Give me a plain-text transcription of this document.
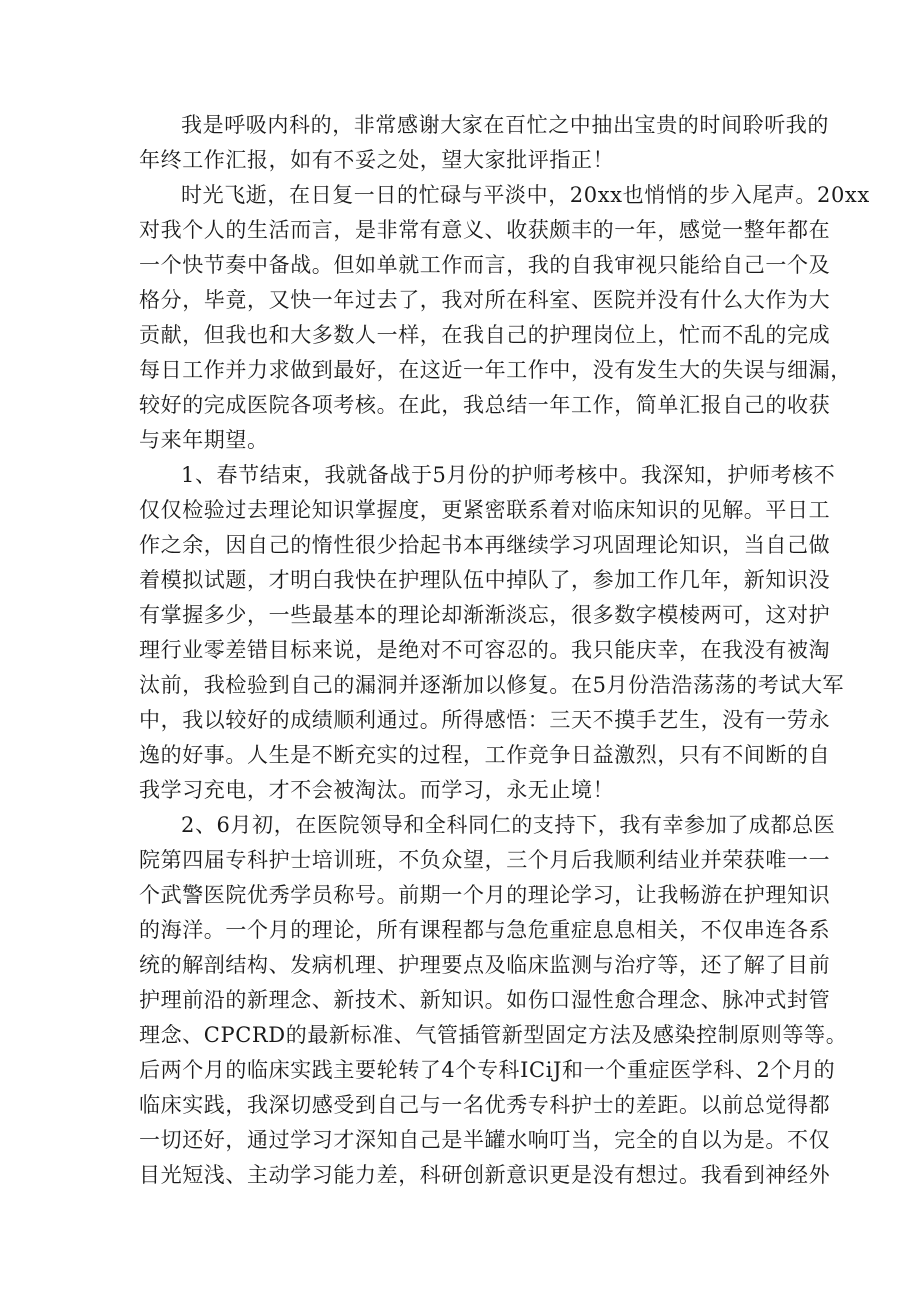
我是呼吸内科的，非常感谢大家在百忙之中抽出宝贵的时间聆听我的
年终工作汇报，如有不妥之处，望大家批评指正！

时光飞逝，在日复一日的忙碌与平淡中，20xx也悄悄的步入尾声。20xx
对我个人的生活而言，是非常有意义、收获颇丰的一年，感觉一整年都在
一个快节奏中备战。但如单就工作而言，我的自我审视只能给自己一个及
格分，毕竟，又快一年过去了，我对所在科室、医院并没有什么大作为大
贡献，但我也和大多数人一样，在我自己的护理岗位上，忙而不乱的完成
每日工作并力求做到最好，在这近一年工作中，没有发生大的失误与细漏，
较好的完成医院各项考核。在此，我总结一年工作，简单汇报自己的收获
与来年期望。

1、春节结束，我就备战于5月份的护师考核中。我深知，护师考核不
仅仅检验过去理论知识掌握度，更紧密联系着对临床知识的见解。平日工
作之余，因自己的惰性很少拾起书本再继续学习巩固理论知识，当自己做
着模拟试题，才明白我快在护理队伍中掉队了，参加工作几年，新知识没
有掌握多少，一些最基本的理论却渐渐淡忘，很多数字模棱两可，这对护
理行业零差错目标来说，是绝对不可容忍的。我只能庆幸，在我没有被淘
汰前，我检验到自己的漏洞并逐渐加以修复。在5月份浩浩荡荡的考试大军
中，我以较好的成绩顺利通过。所得感悟：三天不摸手艺生，没有一劳永
逸的好事。人生是不断充实的过程，工作竞争日益激烈，只有不间断的自
我学习充电，才不会被淘汰。而学习，永无止境！

2、6月初，在医院领导和全科同仁的支持下，我有幸参加了成都总医
院第四届专科护士培训班，不负众望，三个月后我顺利结业并荣获唯一一
个武警医院优秀学员称号。前期一个月的理论学习，让我畅游在护理知识
的海洋。一个月的理论，所有课程都与急危重症息息相关，不仅串连各系
统的解剖结构、发病机理、护理要点及临床监测与治疗等，还了解了目前
护理前沿的新理念、新技术、新知识。如伤口湿性愈合理念、脉冲式封管
理念、CPCRD的最新标准、气管插管新型固定方法及感染控制原则等等。
后两个月的临床实践主要轮转了4个专科ICiJ和一个重症医学科、2个月的
临床实践，我深切感受到自己与一名优秀专科护士的差距。以前总觉得都
一切还好，通过学习才深知自己是半罐水响叮当，完全的自以为是。不仅
目光短浅、主动学习能力差，科研创新意识更是没有想过。我看到神经外
